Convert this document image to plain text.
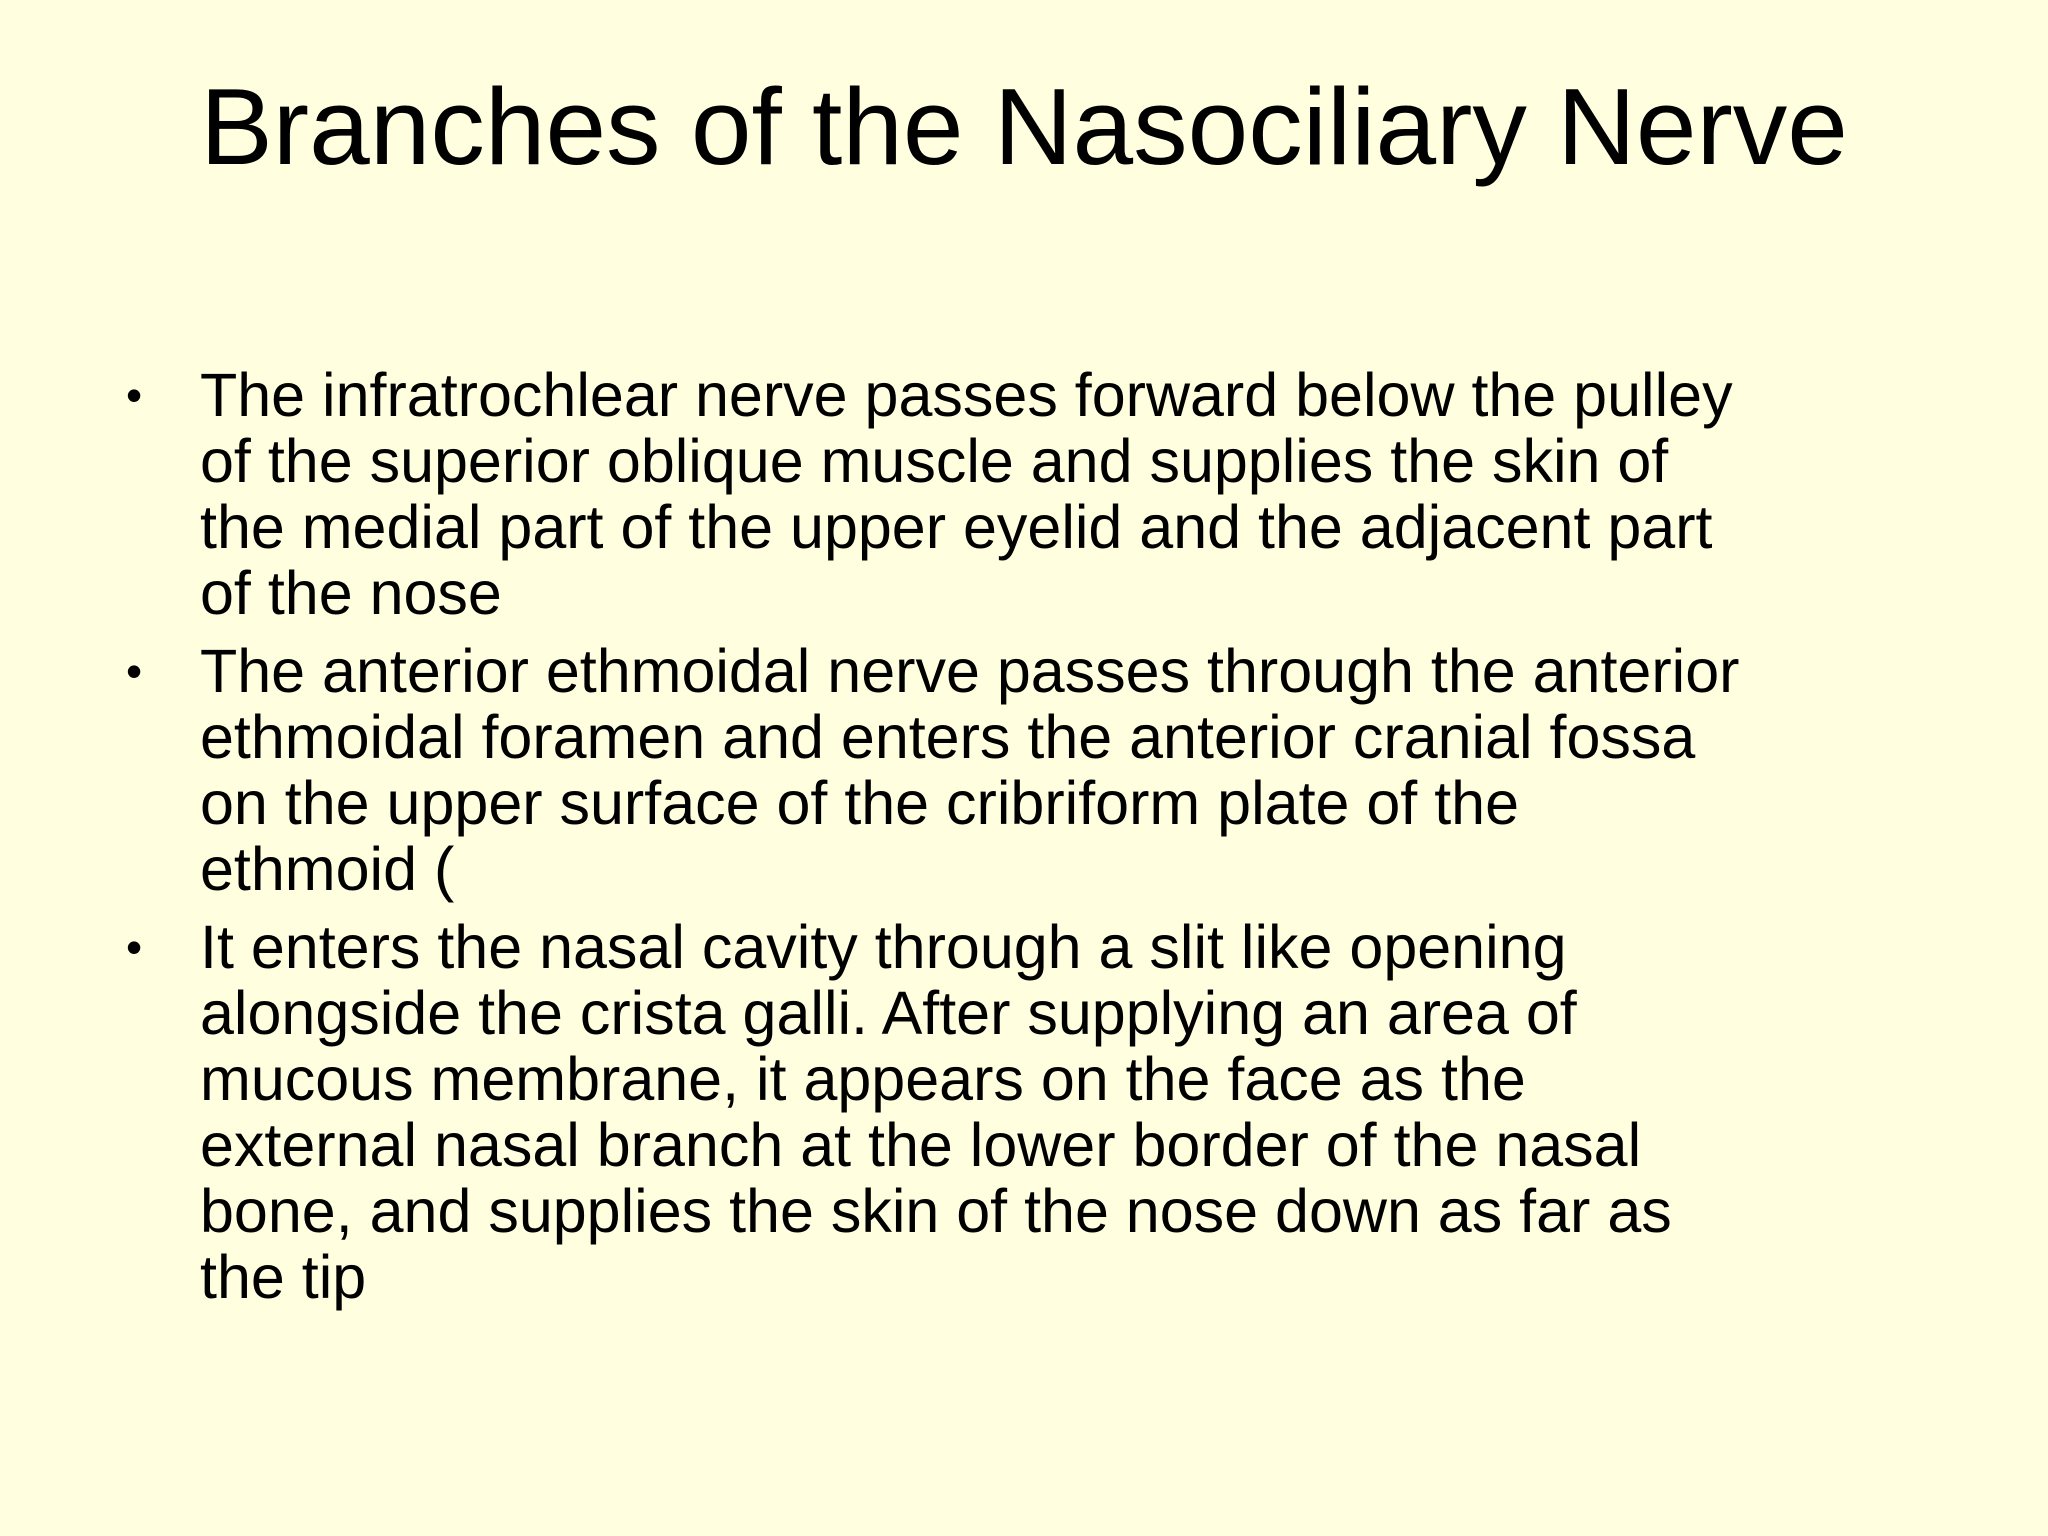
Branches of the Nasociliary Nerve
• The infratrochlear nerve passes forward below the pulley
of the superior oblique muscle and supplies the skin of
the medial part of the upper eyelid and the adjacent part
of the nose
• The anterior ethmoidal nerve passes through the anterior
ethmoidal foramen and enters the anterior cranial fossa
on the upper surface of the cribriform plate of the
ethmoid (
• It enters the nasal cavity through a slit like opening
alongside the crista galli. After supplying an area of
mucous membrane, it appears on the face as the
external nasal branch at the lower border of the nasal
bone, and supplies the skin of the nose down as far as
the tip
